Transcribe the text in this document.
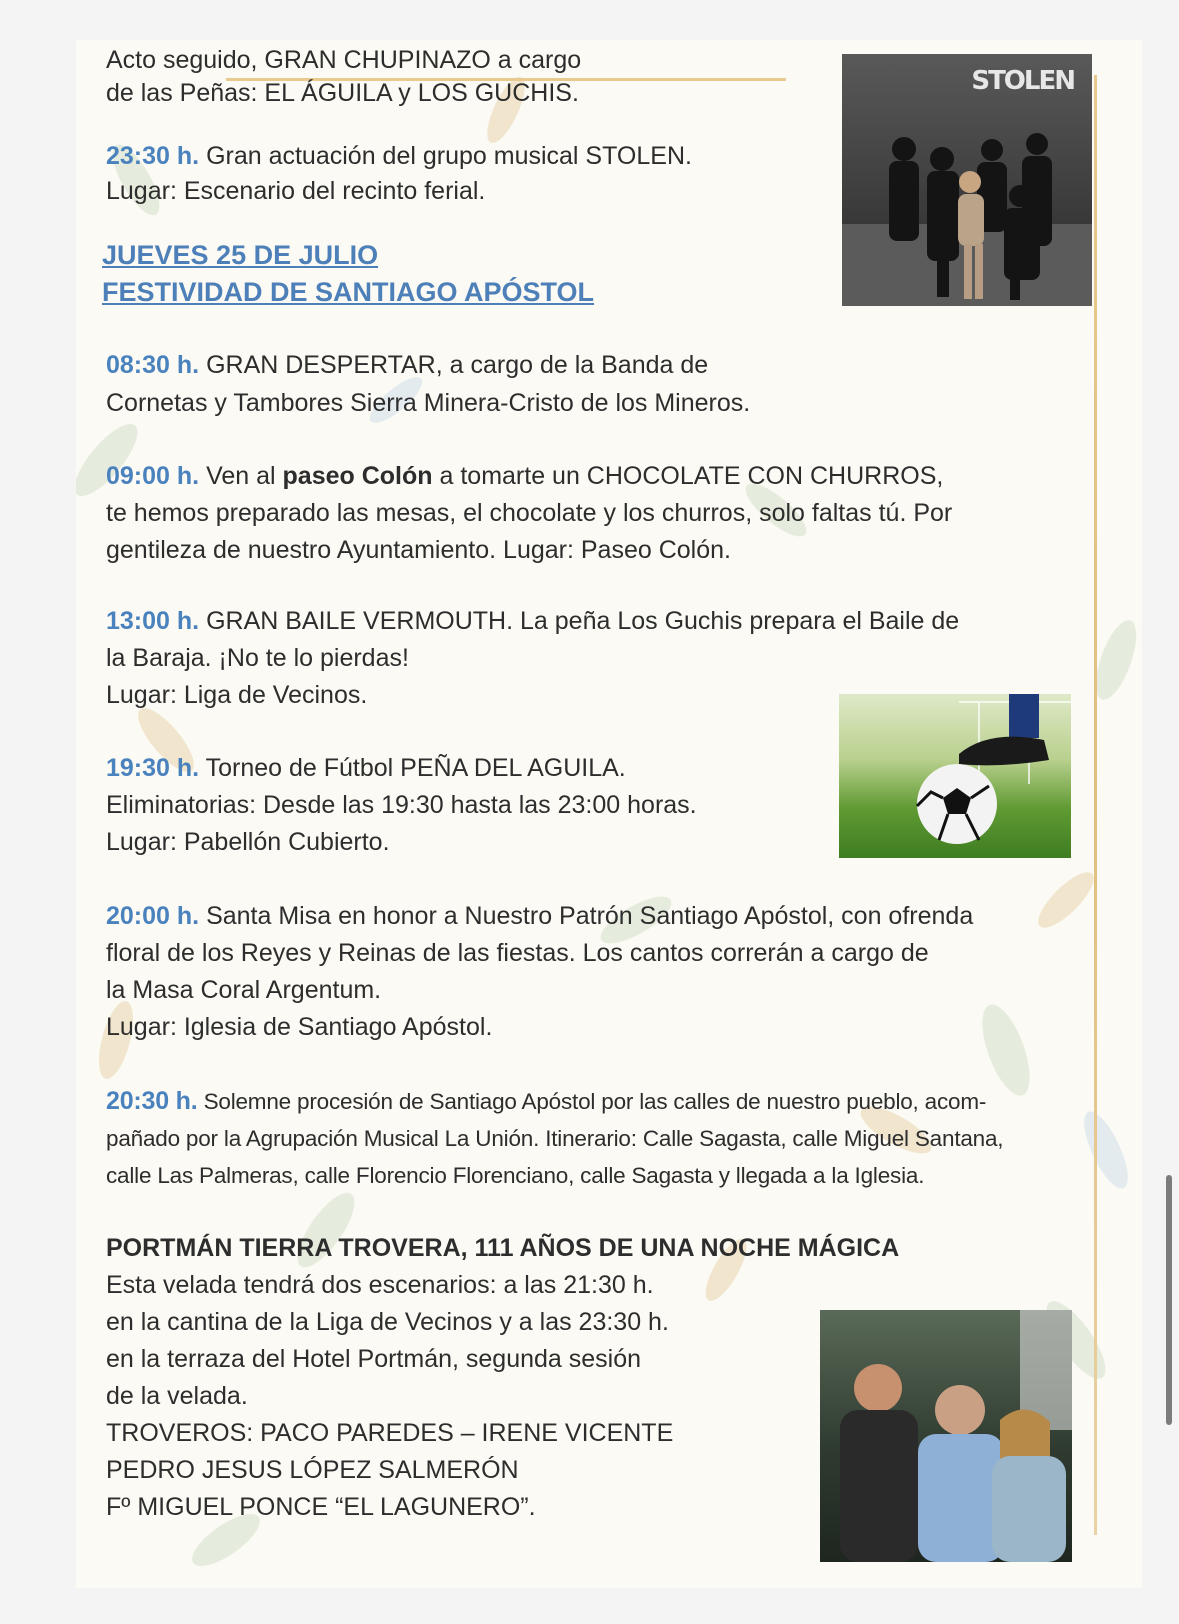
Acto seguido, GRAN CHUPINAZO a cargo
de las Peñas: EL ÁGUILA y LOS GUCHIS.
23:30 h. Gran actuación del grupo musical STOLEN.
Lugar: Escenario del recinto ferial.
STOLEN
JUEVES 25 DE JULIO
FESTIVIDAD DE SANTIAGO APÓSTOL
08:30 h. GRAN DESPERTAR, a cargo de la Banda de
Cornetas y Tambores Sierra Minera-Cristo de los Mineros.
09:00 h. Ven al paseo Colón a tomarte un CHOCOLATE CON CHURROS,
te hemos preparado las mesas, el chocolate y los churros, solo faltas tú. Por
gentileza de nuestro Ayuntamiento. Lugar: Paseo Colón.
13:00 h. GRAN BAILE VERMOUTH. La peña Los Guchis prepara el Baile de
la Baraja. ¡No te lo pierdas!
Lugar: Liga de Vecinos.
19:30 h. Torneo de Fútbol PEÑA DEL AGUILA.
Eliminatorias: Desde las 19:30 hasta las 23:00 horas.
Lugar: Pabellón Cubierto.
20:00 h. Santa Misa en honor a Nuestro Patrón Santiago Apóstol, con ofrenda
floral de los Reyes y Reinas de las fiestas. Los cantos correrán a cargo de
la Masa Coral Argentum.
Lugar: Iglesia de Santiago Apóstol.
20:30 h. Solemne procesión de Santiago Apóstol por las calles de nuestro pueblo, acom-
pañado por la Agrupación Musical La Unión. Itinerario: Calle Sagasta, calle Miguel Santana,
calle Las Palmeras, calle Florencio Florenciano, calle Sagasta y llegada a la Iglesia.
PORTMÁN TIERRA TROVERA, 111 AÑOS DE UNA NOCHE MÁGICA
Esta velada tendrá dos escenarios: a las 21:30 h.
en la cantina de la Liga de Vecinos y a las 23:30 h.
en la terraza del Hotel Portmán, segunda sesión
de la velada.
TROVEROS: PACO PAREDES – IRENE VICENTE
PEDRO JESUS LÓPEZ SALMERÓN
Fº MIGUEL PONCE “EL LAGUNERO”.
